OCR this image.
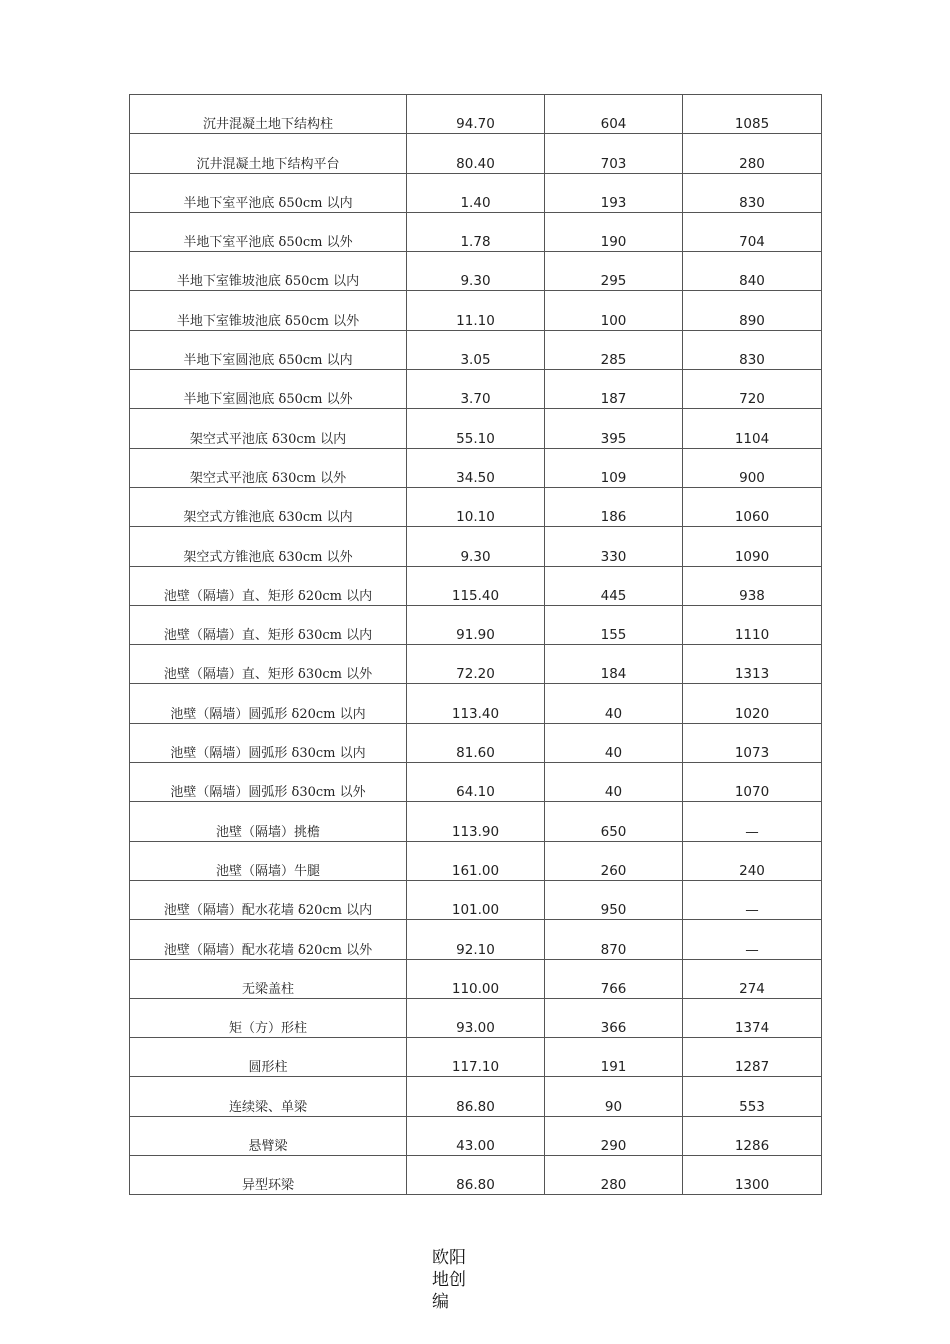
沉井混凝土地下结构柱	94.70	604	1085
沉井混凝土地下结构平台	80.40	703	280
半地下室平池底 δ50cm 以内	1.40	193	830
半地下室平池底 δ50cm 以外	1.78	190	704
半地下室锥坡池底 δ50cm 以内	9.30	295	840
半地下室锥坡池底 δ50cm 以外	11.10	100	890
半地下室圆池底 δ50cm 以内	3.05	285	830
半地下室圆池底 δ50cm 以外	3.70	187	720
架空式平池底 δ30cm 以内	55.10	395	1104
架空式平池底 δ30cm 以外	34.50	109	900
架空式方锥池底 δ30cm 以内	10.10	186	1060
架空式方锥池底 δ30cm 以外	9.30	330	1090
池壁（隔墙）直、矩形 δ20cm 以内	115.40	445	938
池壁（隔墙）直、矩形 δ30cm 以内	91.90	155	1110
池壁（隔墙）直、矩形 δ30cm 以外	72.20	184	1313
池壁（隔墙）圆弧形 δ20cm 以内	113.40	40	1020
池壁（隔墙）圆弧形 δ30cm 以内	81.60	40	1073
池壁（隔墙）圆弧形 δ30cm 以外	64.10	40	1070
池壁（隔墙）挑檐	113.90	650	—
池壁（隔墙）牛腿	161.00	260	240
池壁（隔墙）配水花墙 δ20cm 以内	101.00	950	—
池壁（隔墙）配水花墙 δ20cm 以外	92.10	870	—
无梁盖柱	110.00	766	274
矩（方）形柱	93.00	366	1374
圆形柱	117.10	191	1287
连续梁、单梁	86.80	90	553
悬臂梁	43.00	290	1286
异型环梁	86.80	280	1300
欧阳地创编
